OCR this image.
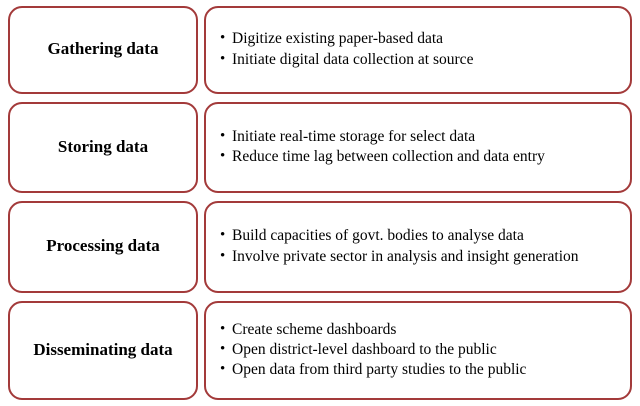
Gathering data
• Digitize existing paper-based data
• Initiate digital data collection at source
Storing data
• Initiate real-time storage for select data
• Reduce time lag between collection and data entry
Processing data
• Build capacities of govt. bodies to analyse data
• Involve private sector in analysis and insight generation
Disseminating data
• Create scheme dashboards
• Open district-level dashboard to the public
• Open data from third party studies to the public
